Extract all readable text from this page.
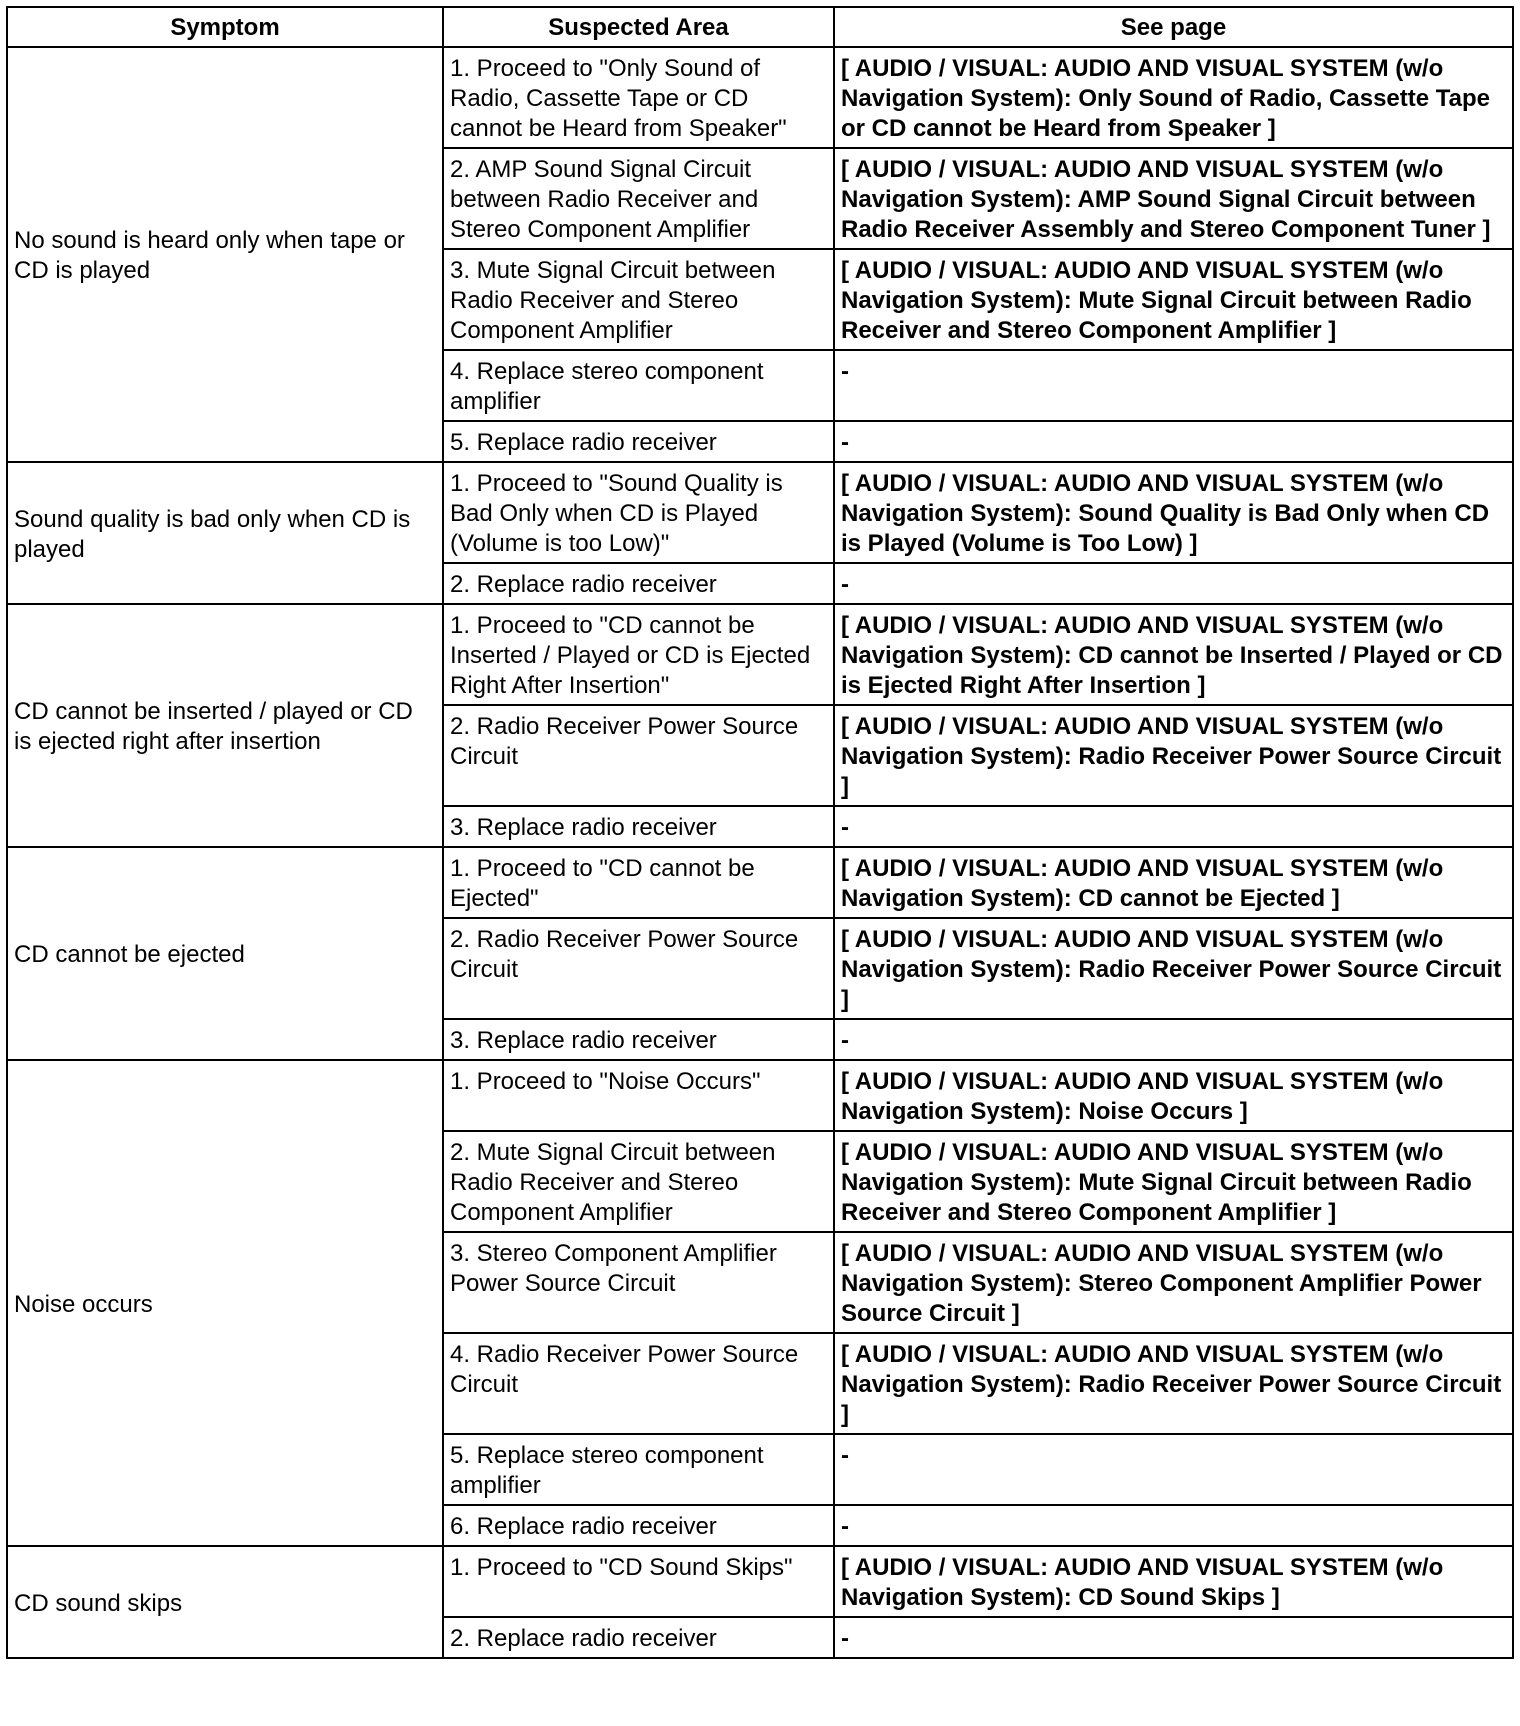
Symptom	Suspected Area	See page
No sound is heard only when tape or CD is played	1. Proceed to "Only Sound of Radio, Cassette Tape or CD cannot be Heard from Speaker"	[ AUDIO / VISUAL: AUDIO AND VISUAL SYSTEM (w/o Navigation System): Only Sound of Radio, Cassette Tape or CD cannot be Heard from Speaker ]
	2. AMP Sound Signal Circuit between Radio Receiver and Stereo Component Amplifier	[ AUDIO / VISUAL: AUDIO AND VISUAL SYSTEM (w/o Navigation System): AMP Sound Signal Circuit between Radio Receiver Assembly and Stereo Component Tuner ]
	3. Mute Signal Circuit between Radio Receiver and Stereo Component Amplifier	[ AUDIO / VISUAL: AUDIO AND VISUAL SYSTEM (w/o Navigation System): Mute Signal Circuit between Radio Receiver and Stereo Component Amplifier ]
	4. Replace stereo component amplifier	-
	5. Replace radio receiver	-
Sound quality is bad only when CD is played	1. Proceed to "Sound Quality is Bad Only when CD is Played (Volume is too Low)"	[ AUDIO / VISUAL: AUDIO AND VISUAL SYSTEM (w/o Navigation System): Sound Quality is Bad Only when CD is Played (Volume is Too Low) ]
	2. Replace radio receiver	-
CD cannot be inserted / played or CD is ejected right after insertion	1. Proceed to "CD cannot be Inserted / Played or CD is Ejected Right After Insertion"	[ AUDIO / VISUAL: AUDIO AND VISUAL SYSTEM (w/o Navigation System): CD cannot be Inserted / Played or CD is Ejected Right After Insertion ]
	2. Radio Receiver Power Source Circuit	[ AUDIO / VISUAL: AUDIO AND VISUAL SYSTEM (w/o Navigation System): Radio Receiver Power Source Circuit ]
	3. Replace radio receiver	-
CD cannot be ejected	1. Proceed to "CD cannot be Ejected"	[ AUDIO / VISUAL: AUDIO AND VISUAL SYSTEM (w/o Navigation System): CD cannot be Ejected ]
	2. Radio Receiver Power Source Circuit	[ AUDIO / VISUAL: AUDIO AND VISUAL SYSTEM (w/o Navigation System): Radio Receiver Power Source Circuit ]
	3. Replace radio receiver	-
Noise occurs	1. Proceed to "Noise Occurs"	[ AUDIO / VISUAL: AUDIO AND VISUAL SYSTEM (w/o Navigation System): Noise Occurs ]
	2. Mute Signal Circuit between Radio Receiver and Stereo Component Amplifier	[ AUDIO / VISUAL: AUDIO AND VISUAL SYSTEM (w/o Navigation System): Mute Signal Circuit between Radio Receiver and Stereo Component Amplifier ]
	3. Stereo Component Amplifier Power Source Circuit	[ AUDIO / VISUAL: AUDIO AND VISUAL SYSTEM (w/o Navigation System): Stereo Component Amplifier Power Source Circuit ]
	4. Radio Receiver Power Source Circuit	[ AUDIO / VISUAL: AUDIO AND VISUAL SYSTEM (w/o Navigation System): Radio Receiver Power Source Circuit ]
	5. Replace stereo component amplifier	-
	6. Replace radio receiver	-
CD sound skips	1. Proceed to "CD Sound Skips"	[ AUDIO / VISUAL: AUDIO AND VISUAL SYSTEM (w/o Navigation System): CD Sound Skips ]
	2. Replace radio receiver	-
